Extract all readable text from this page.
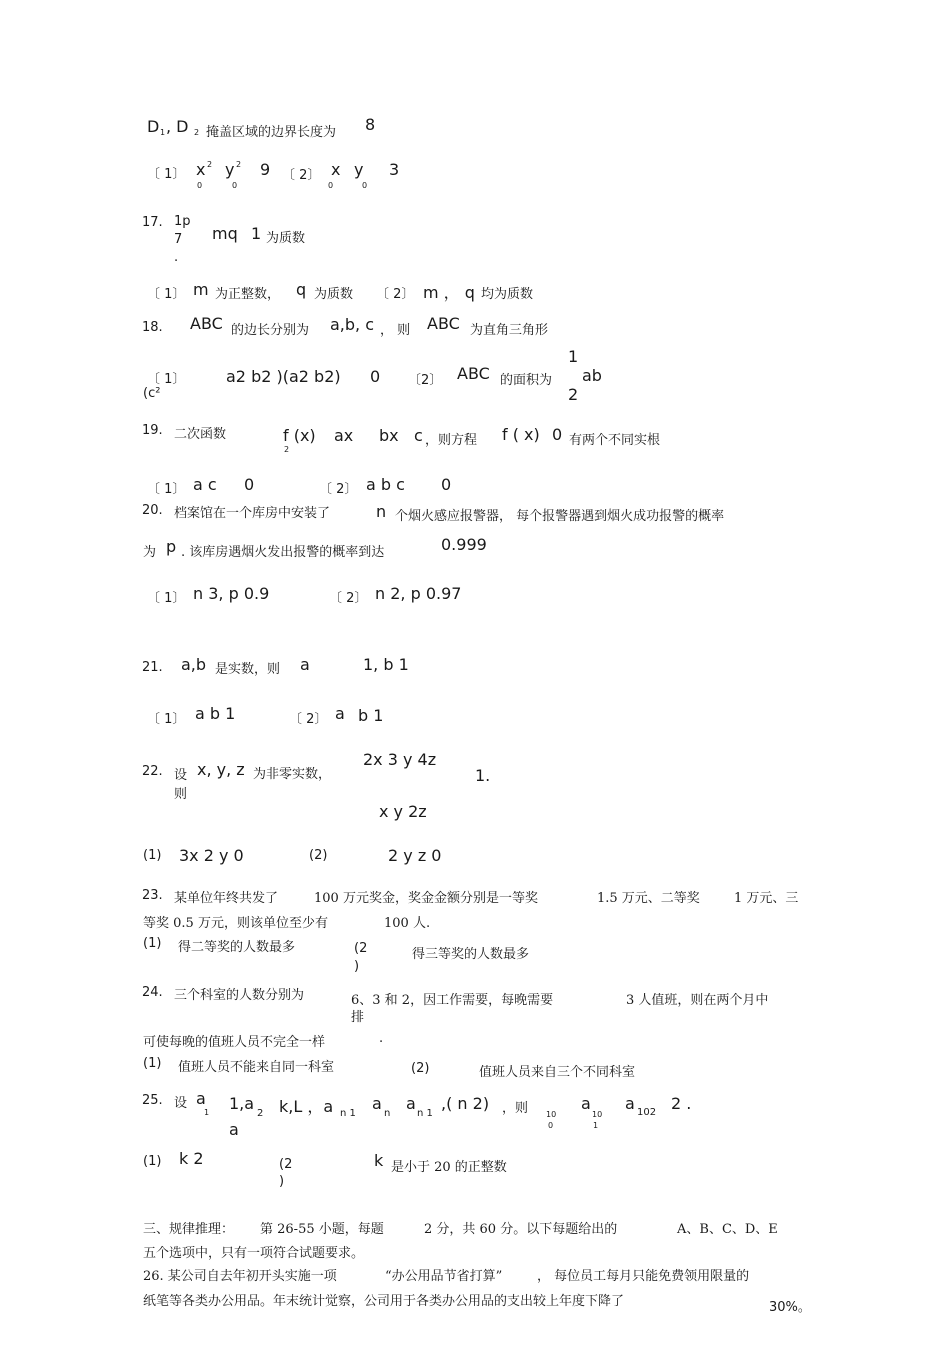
D 1 , D 2 掩盖区域的边界长度为 8
〔 1〕 x 2
0
y 2
0
9 〔 2〕
0
x y
0
3
17. 1p
7
.
mq 1 为质数
〔 1〕 m 为正整数， q 为质数 〔 2〕 m ， q 均为质数
18. ABC 的边长分别为 a,b, c ， 则 ABC 为直角三角形
〔 1〕
(c²
a2 b2 )(a2 b2) 0 〔2〕 ABC 的面积为
1
ab
2
19. 二次函数	f (x)
2
ax bx c ，则方程 f ( x) 0 有两个不同实根
〔 1〕 a c 0	〔 2〕 a b c 0
20. 档案馆在一个库房中安装了	n 个烟火感应报警器， 每个报警器遇到烟火成功报警的概率
为 p . 该库房遇烟火发出报警的概率到达	0.999
〔 1〕 n 3, p 0.9	〔 2〕 n 2, p 0.97
21. a,b 是实数，则 a	1, b 1
〔 1〕 a b 1	〔 2〕 a b 1
22. 设
则
x, y, z 为非零实数，
2x 3 y 4z
1.
x y 2z
(1) 3x 2 y 0	(2)	2 y z 0
23. 某单位年终共发了	100 万元奖金，奖金金额分别是一等奖	1.5 万元、二等奖	1 万元、三
等奖 0.5 万元，则该单位至少有	100 人.
(1) 得二等奖的人数最多	(2
)
得三等奖的人数最多
24. 三个科室的人数分别为	6、3 和 2，因工作需要，每晚需要	3 人值班，则在两个月中
排
可使每晚的值班人员不完全一样	.
(1) 值班人员不能来自同一科室	(2)	值班人员来自三个不同科室
25. 设 a
1 1,a
2 k,L ，a n 1
a
n
a
n 1
,( n 2) ，则 10
0
a
10
1
a 102 2 .
a
(1) k 2	(2
)
k 是小于 20 的正整数
三、规律推理： 第 26-55 小题，每题	2 分，共 60 分。以下每题给出的	A、B、C、D、E
五个选项中，只有一项符合试题要求。
26. 某公司自去年初开头实施一项	“办公用品节省打算”	， 每位员工每月只能免费领用限量的
纸笔等各类办公用品。年末统计觉察，公司用于各类办公用品的支出较上年度下降了	30%。
